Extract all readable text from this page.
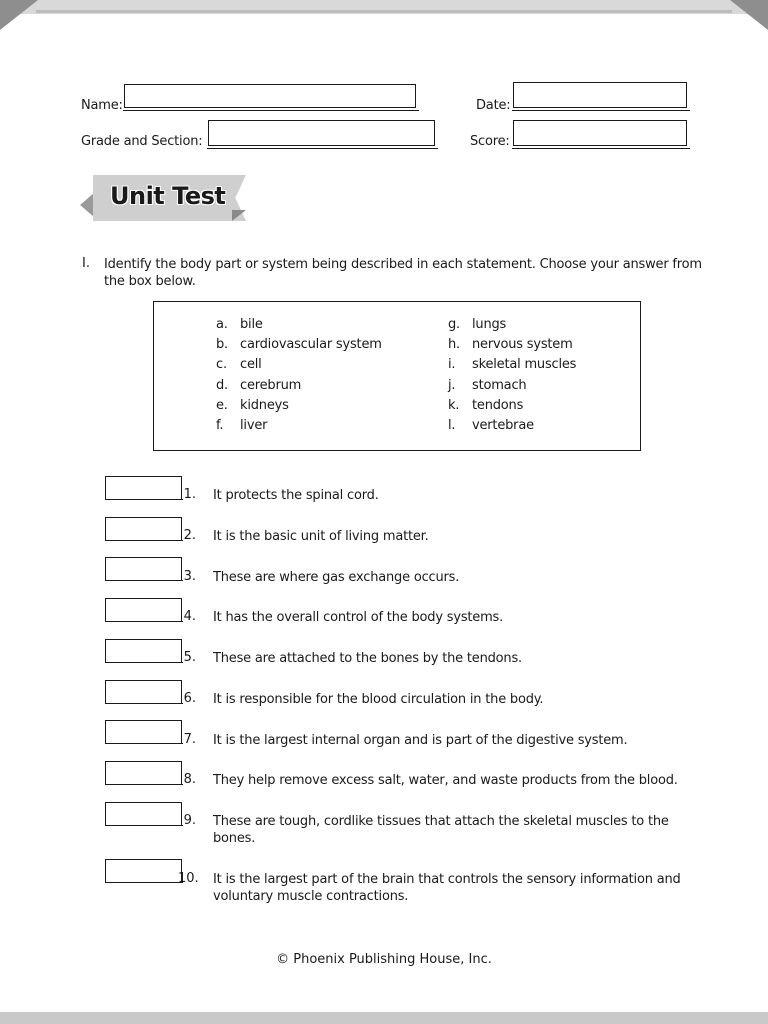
Name:	Date:
Grade and Section:	Score:
Unit Test
I. Identify the body part or system being described in each statement. Choose your answer from the box below.
a. bile
b. cardiovascular system
c. cell
d. cerebrum
e. kidneys
f. liver
g. lungs
h. nervous system
i. skeletal muscles
j. stomach
k. tendons
l. vertebrae
1. It protects the spinal cord.
2. It is the basic unit of living matter.
3. These are where gas exchange occurs.
4. It has the overall control of the body systems.
5. These are attached to the bones by the tendons.
6. It is responsible for the blood circulation in the body.
7. It is the largest internal organ and is part of the digestive system.
8. They help remove excess salt, water, and waste products from the blood.
9. These are tough, cordlike tissues that attach the skeletal muscles to the bones.
10. It is the largest part of the brain that controls the sensory information and voluntary muscle contractions.
© Phoenix Publishing House, Inc.
